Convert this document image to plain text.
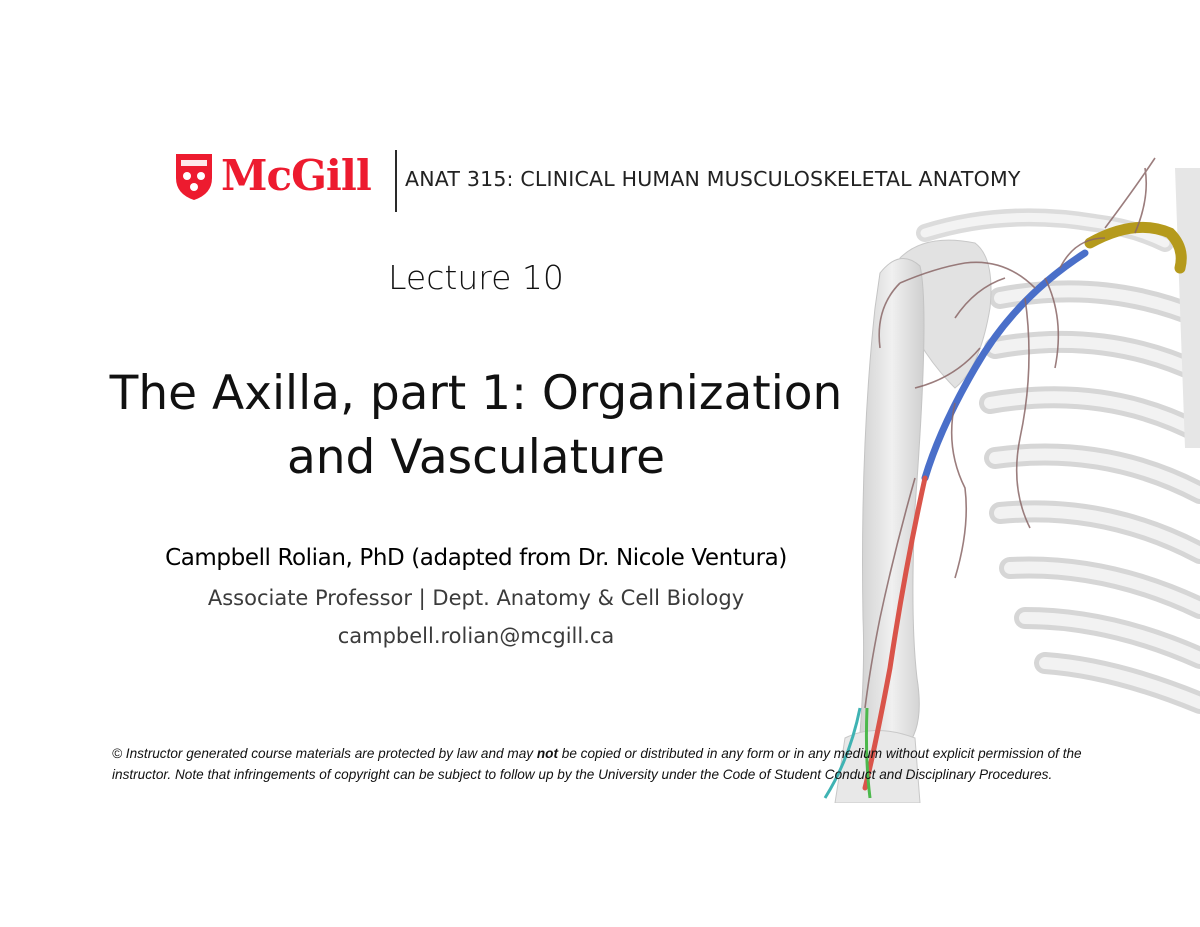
McGill ANAT 315: CLINICAL HUMAN MUSCULOSKELETAL ANATOMY
Lecture 10
The Axilla, part 1: Organization
and Vasculature
Campbell Rolian, PhD (adapted from Dr. Nicole Ventura)
Associate Professor | Dept. Anatomy & Cell Biology
campbell.rolian@mcgill.ca
© Instructor generated course materials are protected by law and may not be copied or distributed in any form or in any medium without explicit permission of the instructor. Note that infringements of copyright can be subject to follow up by the University under the Code of Student Conduct and Disciplinary Procedures.
